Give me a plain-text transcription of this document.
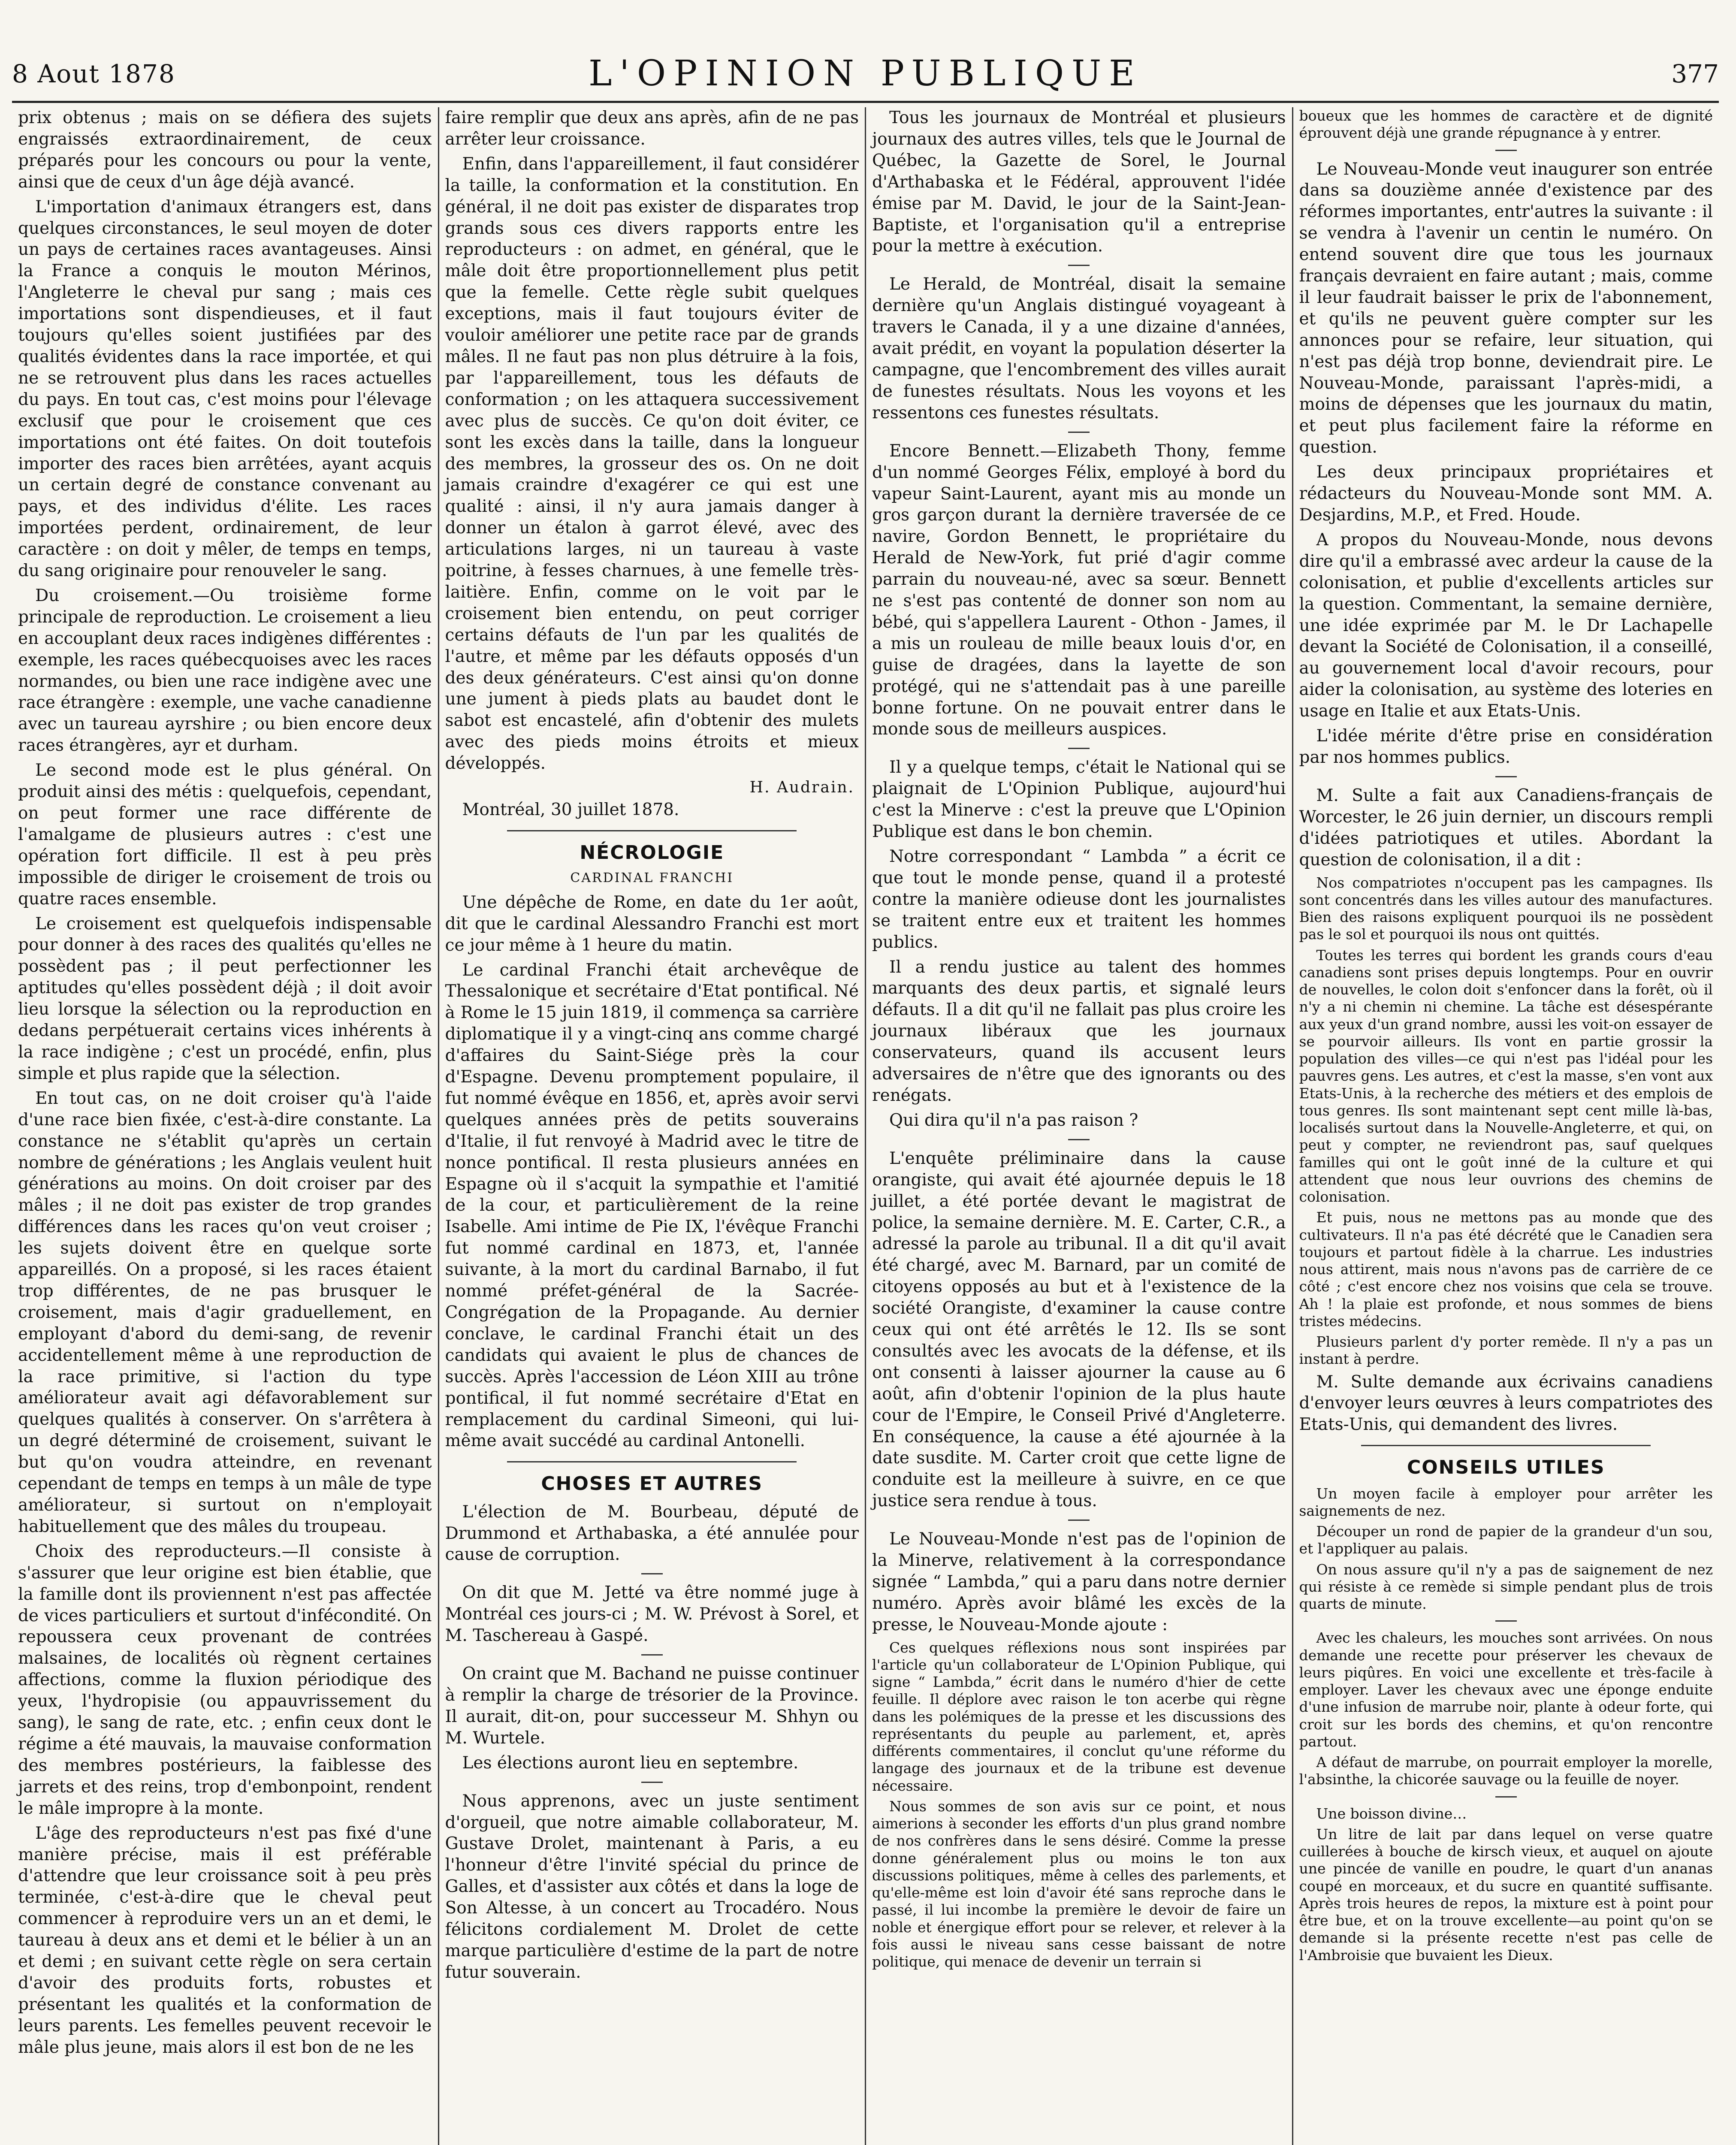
8 Aout 1878	L'OPINION PUBLIQUE	377

prix obtenus ; mais on se défiera des sujets engraissés extraordinairement, de ceux préparés pour les concours ou pour la vente, ainsi que de ceux d'un âge déjà avancé.

L'importation d'animaux étrangers est, dans quelques circonstances, le seul moyen de doter un pays de certaines races avantageuses. Ainsi la France a conquis le mouton Mérinos, l'Angleterre le cheval pur sang ; mais ces importations sont dispendieuses, et il faut toujours qu'elles soient justifiées par des qualités évidentes dans la race importée, et qui ne se retrouvent plus dans les races actuelles du pays. En tout cas, c'est moins pour l'élevage exclusif que pour le croisement que ces importations ont été faites. On doit toutefois importer des races bien arrêtées, ayant acquis un certain degré de constance convenant au pays, et des individus d'élite. Les races importées perdent, ordinairement, de leur caractère : on doit y mêler, de temps en temps, du sang originaire pour renouveler le sang.

Du croisement.—Ou troisième forme principale de reproduction. Le croisement a lieu en accouplant deux races indigènes différentes : exemple, les races québecquoises avec les races normandes, ou bien une race indigène avec une race étrangère : exemple, une vache canadienne avec un taureau ayrshire ; ou bien encore deux races étrangères, ayr et durham.

Le second mode est le plus général. On produit ainsi des métis : quelquefois, cependant, on peut former une race différente de l'amalgame de plusieurs autres : c'est une opération fort difficile. Il est à peu près impossible de diriger le croisement de trois ou quatre races ensemble.

Le croisement est quelquefois indispensable pour donner à des races des qualités qu'elles ne possèdent pas ; il peut perfectionner les aptitudes qu'elles possèdent déjà ; il doit avoir lieu lorsque la sélection ou la reproduction en dedans perpétuerait certains vices inhérents à la race indigène ; c'est un procédé, enfin, plus simple et plus rapide que la sélection.

En tout cas, on ne doit croiser qu'à l'aide d'une race bien fixée, c'est-à-dire constante. La constance ne s'établit qu'après un certain nombre de générations ; les Anglais veulent huit générations au moins. On doit croiser par des mâles ; il ne doit pas exister de trop grandes différences dans les races qu'on veut croiser ; les sujets doivent être en quelque sorte appareillés. On a proposé, si les races étaient trop différentes, de ne pas brusquer le croisement, mais d'agir graduellement, en employant d'abord du demi-sang, de revenir accidentellement même à une reproduction de la race primitive, si l'action du type améliorateur avait agi défavorablement sur quelques qualités à conserver. On s'arrêtera à un degré déterminé de croisement, suivant le but qu'on voudra atteindre, en revenant cependant de temps en temps à un mâle de type améliorateur, si surtout on n'employait habituellement que des mâles du troupeau.

Choix des reproducteurs.—Il consiste à s'assurer que leur origine est bien établie, que la famille dont ils proviennent n'est pas affectée de vices particuliers et surtout d'infécondité. On repoussera ceux provenant de contrées malsaines, de localités où règnent certaines affections, comme la fluxion périodique des yeux, l'hydropisie (ou appauvrissement du sang), le sang de rate, etc. ; enfin ceux dont le régime a été mauvais, la mauvaise conformation des membres postérieurs, la faiblesse des jarrets et des reins, trop d'embonpoint, rendent le mâle impropre à la monte.

L'âge des reproducteurs n'est pas fixé d'une manière précise, mais il est préférable d'attendre que leur croissance soit à peu près terminée, c'est-à-dire que le cheval peut commencer à reproduire vers un an et demi, le taureau à deux ans et demi et le bélier à un an et demi ; en suivant cette règle on sera certain d'avoir des produits forts, robustes et présentant les qualités et la conformation de leurs parents. Les femelles peuvent recevoir le mâle plus jeune, mais alors il est bon de ne les

faire remplir que deux ans après, afin de ne pas arrêter leur croissance.

Enfin, dans l'appareillement, il faut considérer la taille, la conformation et la constitution. En général, il ne doit pas exister de disparates trop grands sous ces divers rapports entre les reproducteurs : on admet, en général, que le mâle doit être proportionnellement plus petit que la femelle. Cette règle subit quelques exceptions, mais il faut toujours éviter de vouloir améliorer une petite race par de grands mâles. Il ne faut pas non plus détruire à la fois, par l'appareillement, tous les défauts de conformation ; on les attaquera successivement avec plus de succès. Ce qu'on doit éviter, ce sont les excès dans la taille, dans la longueur des membres, la grosseur des os. On ne doit jamais craindre d'exagérer ce qui est une qualité : ainsi, il n'y aura jamais danger à donner un étalon à garrot élevé, avec des articulations larges, ni un taureau à vaste poitrine, à fesses charnues, à une femelle très-laitière. Enfin, comme on le voit par le croisement bien entendu, on peut corriger certains défauts de l'un par les qualités de l'autre, et même par les défauts opposés d'un des deux générateurs. C'est ainsi qu'on donne une jument à pieds plats au baudet dont le sabot est encastelé, afin d'obtenir des mulets avec des pieds moins étroits et mieux développés.

H. Audrain.

Montréal, 30 juillet 1878.

NÉCROLOGIE
CARDINAL FRANCHI

Une dépêche de Rome, en date du 1er août, dit que le cardinal Alessandro Franchi est mort ce jour même à 1 heure du matin.

Le cardinal Franchi était archevêque de Thessalonique et secrétaire d'Etat pontifical. Né à Rome le 15 juin 1819, il commença sa carrière diplomatique il y a vingt-cinq ans comme chargé d'affaires du Saint-Siége près la cour d'Espagne. Devenu promptement populaire, il fut nommé évêque en 1856, et, après avoir servi quelques années près de petits souverains d'Italie, il fut renvoyé à Madrid avec le titre de nonce pontifical. Il resta plusieurs années en Espagne où il s'acquit la sympathie et l'amitié de la cour, et particulièrement de la reine Isabelle. Ami intime de Pie IX, l'évêque Franchi fut nommé cardinal en 1873, et, l'année suivante, à la mort du cardinal Barnabo, il fut nommé préfet-général de la Sacrée-Congrégation de la Propagande. Au dernier conclave, le cardinal Franchi était un des candidats qui avaient le plus de chances de succès. Après l'accession de Léon XIII au trône pontifical, il fut nommé secrétaire d'Etat en remplacement du cardinal Simeoni, qui lui-même avait succédé au cardinal Antonelli.

CHOSES ET AUTRES

L'élection de M. Bourbeau, député de Drummond et Arthabaska, a été annulée pour cause de corruption.

On dit que M. Jetté va être nommé juge à Montréal ces jours-ci ; M. W. Prévost à Sorel, et M. Taschereau à Gaspé.

On craint que M. Bachand ne puisse continuer à remplir la charge de trésorier de la Province. Il aurait, dit-on, pour successeur M. Shhyn ou M. Wurtele.

Les élections auront lieu en septembre.

Nous apprenons, avec un juste sentiment d'orgueil, que notre aimable collaborateur, M. Gustave Drolet, maintenant à Paris, a eu l'honneur d'être l'invité spécial du prince de Galles, et d'assister aux côtés et dans la loge de Son Altesse, à un concert au Trocadéro. Nous félicitons cordialement M. Drolet de cette marque particulière d'estime de la part de notre futur souverain.

Tous les journaux de Montréal et plusieurs journaux des autres villes, tels que le Journal de Québec, la Gazette de Sorel, le Journal d'Arthabaska et le Fédéral, approuvent l'idée émise par M. David, le jour de la Saint-Jean-Baptiste, et l'organisation qu'il a entreprise pour la mettre à exécution.

Le Herald, de Montréal, disait la semaine dernière qu'un Anglais distingué voyageant à travers le Canada, il y a une dizaine d'années, avait prédit, en voyant la population déserter la campagne, que l'encombrement des villes aurait de funestes résultats. Nous les voyons et les ressentons ces funestes résultats.

Encore Bennett.—Elizabeth Thony, femme d'un nommé Georges Félix, employé à bord du vapeur Saint-Laurent, ayant mis au monde un gros garçon durant la dernière traversée de ce navire, Gordon Bennett, le propriétaire du Herald de New-York, fut prié d'agir comme parrain du nouveau-né, avec sa sœur. Bennett ne s'est pas contenté de donner son nom au bébé, qui s'appellera Laurent - Othon - James, il a mis un rouleau de mille beaux louis d'or, en guise de dragées, dans la layette de son protégé, qui ne s'attendait pas à une pareille bonne fortune. On ne pouvait entrer dans le monde sous de meilleurs auspices.

Il y a quelque temps, c'était le National qui se plaignait de L'Opinion Publique, aujourd'hui c'est la Minerve : c'est la preuve que L'Opinion Publique est dans le bon chemin.

Notre correspondant “ Lambda ” a écrit ce que tout le monde pense, quand il a protesté contre la manière odieuse dont les journalistes se traitent entre eux et traitent les hommes publics.

Il a rendu justice au talent des hommes marquants des deux partis, et signalé leurs défauts. Il a dit qu'il ne fallait pas plus croire les journaux libéraux que les journaux conservateurs, quand ils accusent leurs adversaires de n'être que des ignorants ou des renégats.

Qui dira qu'il n'a pas raison ?

L'enquête préliminaire dans la cause orangiste, qui avait été ajournée depuis le 18 juillet, a été portée devant le magistrat de police, la semaine dernière. M. E. Carter, C.R., a adressé la parole au tribunal. Il a dit qu'il avait été chargé, avec M. Barnard, par un comité de citoyens opposés au but et à l'existence de la société Orangiste, d'examiner la cause contre ceux qui ont été arrêtés le 12. Ils se sont consultés avec les avocats de la défense, et ils ont consenti à laisser ajourner la cause au 6 août, afin d'obtenir l'opinion de la plus haute cour de l'Empire, le Conseil Privé d'Angleterre. En conséquence, la cause a été ajournée à la date susdite. M. Carter croit que cette ligne de conduite est la meilleure à suivre, en ce que justice sera rendue à tous.

Le Nouveau-Monde n'est pas de l'opinion de la Minerve, relativement à la correspondance signée “ Lambda,” qui a paru dans notre dernier numéro. Après avoir blâmé les excès de la presse, le Nouveau-Monde ajoute :

Ces quelques réflexions nous sont inspirées par l'article qu'un collaborateur de L'Opinion Publique, qui signe “ Lambda,” écrit dans le numéro d'hier de cette feuille. Il déplore avec raison le ton acerbe qui règne dans les polémiques de la presse et les discussions des représentants du peuple au parlement, et, après différents commentaires, il conclut qu'une réforme du langage des journaux et de la tribune est devenue nécessaire.

Nous sommes de son avis sur ce point, et nous aimerions à seconder les efforts d'un plus grand nombre de nos confrères dans le sens désiré. Comme la presse donne généralement plus ou moins le ton aux discussions politiques, même à celles des parlements, et qu'elle-même est loin d'avoir été sans reproche dans le passé, il lui incombe la première le devoir de faire un noble et énergique effort pour se relever, et relever à la fois aussi le niveau sans cesse baissant de notre politique, qui menace de devenir un terrain si

boueux que les hommes de caractère et de dignité éprouvent déjà une grande répugnance à y entrer.

Le Nouveau-Monde veut inaugurer son entrée dans sa douzième année d'existence par des réformes importantes, entr'autres la suivante : il se vendra à l'avenir un centin le numéro. On entend souvent dire que tous les journaux français devraient en faire autant ; mais, comme il leur faudrait baisser le prix de l'abonnement, et qu'ils ne peuvent guère compter sur les annonces pour se refaire, leur situation, qui n'est pas déjà trop bonne, deviendrait pire. Le Nouveau-Monde, paraissant l'après-midi, a moins de dépenses que les journaux du matin, et peut plus facilement faire la réforme en question.

Les deux principaux propriétaires et rédacteurs du Nouveau-Monde sont MM. A. Desjardins, M.P., et Fred. Houde.

A propos du Nouveau-Monde, nous devons dire qu'il a embrassé avec ardeur la cause de la colonisation, et publie d'excellents articles sur la question. Commentant, la semaine dernière, une idée exprimée par M. le Dr Lachapelle devant la Société de Colonisation, il a conseillé, au gouvernement local d'avoir recours, pour aider la colonisation, au système des loteries en usage en Italie et aux Etats-Unis.

L'idée mérite d'être prise en considération par nos hommes publics.

M. Sulte a fait aux Canadiens-français de Worcester, le 26 juin dernier, un discours rempli d'idées patriotiques et utiles. Abordant la question de colonisation, il a dit :

Nos compatriotes n'occupent pas les campagnes. Ils sont concentrés dans les villes autour des manufactures. Bien des raisons expliquent pourquoi ils ne possèdent pas le sol et pourquoi ils nous ont quittés.

Toutes les terres qui bordent les grands cours d'eau canadiens sont prises depuis longtemps. Pour en ouvrir de nouvelles, le colon doit s'enfoncer dans la forêt, où il n'y a ni chemin ni chemine. La tâche est désespérante aux yeux d'un grand nombre, aussi les voit-on essayer de se pourvoir ailleurs. Ils vont en partie grossir la population des villes—ce qui n'est pas l'idéal pour les pauvres gens. Les autres, et c'est la masse, s'en vont aux Etats-Unis, à la recherche des métiers et des emplois de tous genres. Ils sont maintenant sept cent mille là-bas, localisés surtout dans la Nouvelle-Angleterre, et qui, on peut y compter, ne reviendront pas, sauf quelques familles qui ont le goût inné de la culture et qui attendent que nous leur ouvrions des chemins de colonisation.

Et puis, nous ne mettons pas au monde que des cultivateurs. Il n'a pas été décrété que le Canadien sera toujours et partout fidèle à la charrue. Les industries nous attirent, mais nous n'avons pas de carrière de ce côté ; c'est encore chez nos voisins que cela se trouve. Ah ! la plaie est profonde, et nous sommes de biens tristes médecins.

Plusieurs parlent d'y porter remède. Il n'y a pas un instant à perdre.

M. Sulte demande aux écrivains canadiens d'envoyer leurs œuvres à leurs compatriotes des Etats-Unis, qui demandent des livres.

CONSEILS UTILES

Un moyen facile à employer pour arrêter les saignements de nez.

Découper un rond de papier de la grandeur d'un sou, et l'appliquer au palais.

On nous assure qu'il n'y a pas de saignement de nez qui résiste à ce remède si simple pendant plus de trois quarts de minute.

Avec les chaleurs, les mouches sont arrivées. On nous demande une recette pour préserver les chevaux de leurs piqûres. En voici une excellente et très-facile à employer. Laver les chevaux avec une éponge enduite d'une infusion de marrube noir, plante à odeur forte, qui croit sur les bords des chemins, et qu'on rencontre partout.

A défaut de marrube, on pourrait employer la morelle, l'absinthe, la chicorée sauvage ou la feuille de noyer.

Une boisson divine…

Un litre de lait par dans lequel on verse quatre cuillerées à bouche de kirsch vieux, et auquel on ajoute une pincée de vanille en poudre, le quart d'un ananas coupé en morceaux, et du sucre en quantité suffisante. Après trois heures de repos, la mixture est à point pour être bue, et on la trouve excellente—au point qu'on se demande si la présente recette n'est pas celle de l'Ambroisie que buvaient les Dieux.
